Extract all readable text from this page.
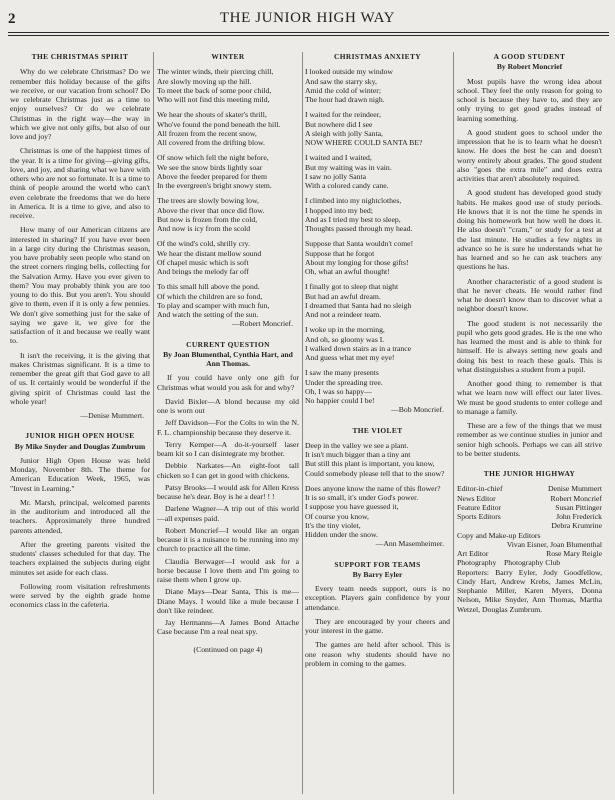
2	THE JUNIOR HIGH WAY
THE CHRISTMAS SPIRIT

Why do we celebrate Christmas? Do we remember this holiday because of the gifts we receive, or our vacation from school? Do we celebrate Christmas just as a time to enjoy ourselves? Or do we celebrate Christmas in the right way—the way in which we give not only gifts, but also of our love and joy?

Christmas is one of the happiest times of the year. It is a time for giving—giving gifts, love, and joy, and sharing what we have with others who are not so fortunate. It is a time to think of people around the world who can't even celebrate the freedoms that we do here in America. It is a time to give, and also to receive.

How many of our American citizens are interested in sharing? If you have ever been in a large city during the Christmas season, you have probably seen people who stand on the street corners ringing bells, collecting for the Salvation Army. Have you ever given to them? You may probably think you are too young to do this. But you aren't. You should give to them, even if it is only a few pennies. We don't give something just for the sake of saying we gave it, we give for the satisfaction of it and because we really want to.

It isn't the receiving, it is the giving that makes Christmas significant. It is a time to remember the great gift that God gave to all of us. It certainly would be wonderful if the giving spirit of Christmas could last the whole year!

—Denise Mummert.
JUNIOR HIGH OPEN HOUSE
By Mike Snyder and Douglas Zumbrum

Junior High Open House was held Monday, November 8th. The theme for American Education Week, 1965, was "Invest in Learning."

Mr. Marsh, principal, welcomed parents in the auditorium and introduced all the teachers. Approximately three hundred parents attended,

After the greeting parents visited the students' classes scheduled for that day. The teachers explained the subjects during eight minutes set aside for each class.

Following room visitation refreshments were served by the eighth grade home economics class in the cafeteria.

WINTER
The winter winds, their piercing chill,
Are slowly moving up the hill.
To meet the back of some poor child,
Who will not find this meeting mild,
We hear the shouts of skater's thrill,
Who've found the pond beneath the hill.
All frozen from the recent snow,
All covered from the drifting blow.
Of snow which fell the night before,
We see the snow birds lightly soar
Above the feeder prepared for them
In the evergreen's bright snowy stem.
The trees are slowly bowing low,
Above the river that once did flow.
But now is frozen from the cold,
And now is icy from the scold
Of the wind's cold, shrilly cry.
We hear the distant mellow sound
Of chapel music which is soft
And brings the melody far off
To this small hill above the pond.
Of which the children are so fond,
To play and scamper with much fun,
And watch the setting of the sun.
—Robert Moncrief.
CURRENT QUESTION
By Joan Blumenthal, Cynthia Hart, and Ann Thomas.

If you could have only one gift for Christmas what would you ask for and why?

David Bixler—A blond because my old one is worn out
Jeff Davidson—For the Colts to win the N. F. L. championship because they deserve it.
Terry Kemper—A do-it-yourself laser beam kit so I can disintegrate my brother.
Debbie Narkates—An eight-foot tall chicken so I can get in good with chickens.
Patsy Brooks—I would ask for Allen Kress because he's dear. Boy is he a dear! ! !
Darlene Wagner—A trip out of this world—all expenses paid.
Robert Moncrief—I would like an organ because it is a nuisance to be running into my church to practice all the time.
Claudia Berwager—I would ask for a horse because I love them and I'm going to raise them when I grow up.
Diane Mays—Dear Santa, This is me—Diane Mays. I would like a mule because I don't like reindeer.
Jay Hermanns—A James Bond Attache Case because I'm a real neat spy.
(Continued on page 4)
CHRISTMAS ANXIETY
I looked outside my window
And saw the starry sky,
Amid the cold of winter;
The hour had drawn nigh.
I waited for the reindeer,
But nowhere did I see
A sleigh with jolly Santa,
NOW WHERE COULD SANTA BE?
I waited and I waited,
But my waiting was in vain.
I saw no jolly Santa
With a colored candy cane.
I climbed into my nightclothes,
I hopped into my bed;
And as I tried my best to sleep,
Thoughts passed through my head.
Suppose that Santa wouldn't come!
Suppose that he forgot
About my longing for those gifts!
Oh, what an awful thought!
I finally got to sleep that night
But had an awful dream.
I dreamed that Santa had no sleigh
And not a reindeer team.
I woke up in the morning,
And oh, so gloomy was I.
I walked down stairs as in a trance
And guess what met my eye!
I saw the many presents
Under the spreading tree.
Oh, I was so happy—
No happier could I be!
—Bob Moncrief.
THE VIOLET
Deep in the valley we see a plant.
It isn't much bigger than a tiny ant
But still this plant is important, you know,
Could somebody please tell that to the snow?
Does anyone know the name of this flower?
It is so small, it's under God's power.
I suppose you have guessed it,
Of course you know,
It's the tiny violet,
Hidden under the snow.
—Ann Masemheimer.
SUPPORT FOR TEAMS
By Barry Eyler

Every team needs support, ours is no exception. Players gain confidence by your attendance.

They are encouraged by your cheers and your interest in the game.

The games are held after school. This is one reason why students should have no problem in coming to the games.

A GOOD STUDENT
By Robert Moncrief

Most pupils have the wrong idea about school. They feel the only reason for going to school is because they have to, and they are only trying to get good grades instead of learning something.

A good student goes to school under the impression that he is to learn what he doesn't know. He does the best he can and doesn't worry entirely about grades. The good student also "goes the extra mile" and does extra activities that aren't absolutely required.

A good student has developed good study habits. He makes good use of study periods. He knows that it is not the time he spends in doing his homework but how well he does it. He also doesn't "cram," or study for a test at the last minute. He studies a few nights in advance so he is sure he understands what he has learned and so he can ask teachers any questions he has.

Another characteristic of a good student is that he never cheats. He would rather find what he doesn't know than to discover what a neighbor doesn't know.

The good student is not necessarily the pupil who gets good grades. He is the one who has learned the most and is able to think for himself. He is always setting new goals and doing his best to reach these goals. This is what distinguishes a student from a pupil.

Another good thing to remember is that what we learn now will effect our later lives. We must be good students to enter college and to manage a family.

These are a few of the things that we must remember as we continue studies in junior and senior high schools. Perhaps we can all strive to be better students.

THE JUNIOR HIGHWAY
Editor-in-chief	Denise Mummert
News Editor	Robert Moncrief
Feature Editor	Susan Pittinger
Sports Editors	John Frederick
Debra Krumrine
Copy and Make-up Editors
Vivan Eisner, Joan Blumenthal
Art Editor	Rose Mary Reigle
Photography    Photography Club

Reporters: Barry Eyler, Jody Goodfellow, Cindy Hart, Andrew Krebs, James McLin, Stephanie Miller, Karen Myers, Donna Nelson, Mike Snyder, Ann Thomas, Martha Wetzel, Douglas Zumbrum.
